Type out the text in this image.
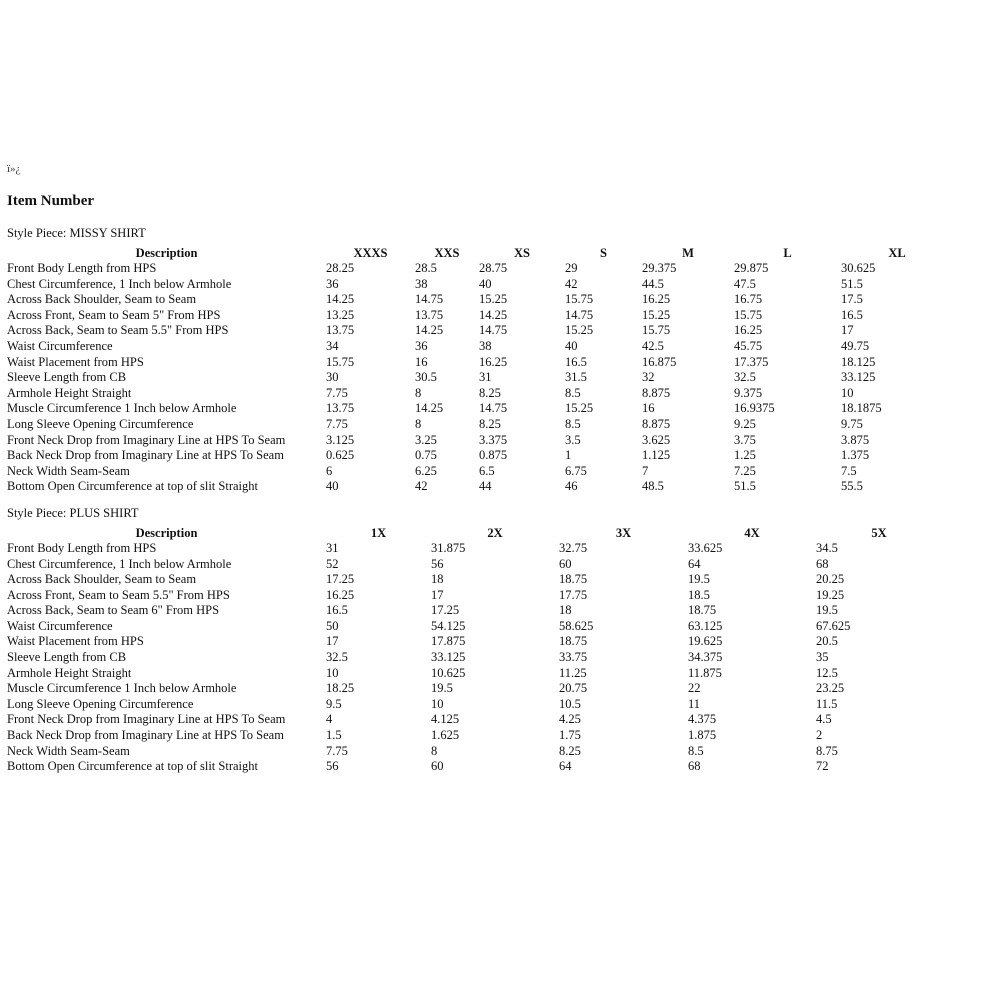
ï»¿
Item Number
Style Piece: MISSY SHIRT
Description	XXXS	XXS	XS	S	M	L	XL
Front Body Length from HPS	28.25	28.5	28.75	29	29.375	29.875	30.625
Chest Circumference, 1 Inch below Armhole	36	38	40	42	44.5	47.5	51.5
Across Back Shoulder, Seam to Seam	14.25	14.75	15.25	15.75	16.25	16.75	17.5
Across Front, Seam to Seam 5" From HPS	13.25	13.75	14.25	14.75	15.25	15.75	16.5
Across Back, Seam to Seam 5.5" From HPS	13.75	14.25	14.75	15.25	15.75	16.25	17
Waist Circumference	34	36	38	40	42.5	45.75	49.75
Waist Placement from HPS	15.75	16	16.25	16.5	16.875	17.375	18.125
Sleeve Length from CB	30	30.5	31	31.5	32	32.5	33.125
Armhole Height Straight	7.75	8	8.25	8.5	8.875	9.375	10
Muscle Circumference 1 Inch below Armhole	13.75	14.25	14.75	15.25	16	16.9375	18.1875
Long Sleeve Opening Circumference	7.75	8	8.25	8.5	8.875	9.25	9.75
Front Neck Drop from Imaginary Line at HPS To Seam	3.125	3.25	3.375	3.5	3.625	3.75	3.875
Back Neck Drop from Imaginary Line at HPS To Seam	0.625	0.75	0.875	1	1.125	1.25	1.375
Neck Width Seam-Seam	6	6.25	6.5	6.75	7	7.25	7.5
Bottom Open Circumference at top of slit Straight	40	42	44	46	48.5	51.5	55.5
Style Piece: PLUS SHIRT
Description	1X	2X	3X	4X	5X
Front Body Length from HPS	31	31.875	32.75	33.625	34.5
Chest Circumference, 1 Inch below Armhole	52	56	60	64	68
Across Back Shoulder, Seam to Seam	17.25	18	18.75	19.5	20.25
Across Front, Seam to Seam 5.5" From HPS	16.25	17	17.75	18.5	19.25
Across Back, Seam to Seam 6" From HPS	16.5	17.25	18	18.75	19.5
Waist Circumference	50	54.125	58.625	63.125	67.625
Waist Placement from HPS	17	17.875	18.75	19.625	20.5
Sleeve Length from CB	32.5	33.125	33.75	34.375	35
Armhole Height Straight	10	10.625	11.25	11.875	12.5
Muscle Circumference 1 Inch below Armhole	18.25	19.5	20.75	22	23.25
Long Sleeve Opening Circumference	9.5	10	10.5	11	11.5
Front Neck Drop from Imaginary Line at HPS To Seam	4	4.125	4.25	4.375	4.5
Back Neck Drop from Imaginary Line at HPS To Seam	1.5	1.625	1.75	1.875	2
Neck Width Seam-Seam	7.75	8	8.25	8.5	8.75
Bottom Open Circumference at top of slit Straight	56	60	64	68	72
